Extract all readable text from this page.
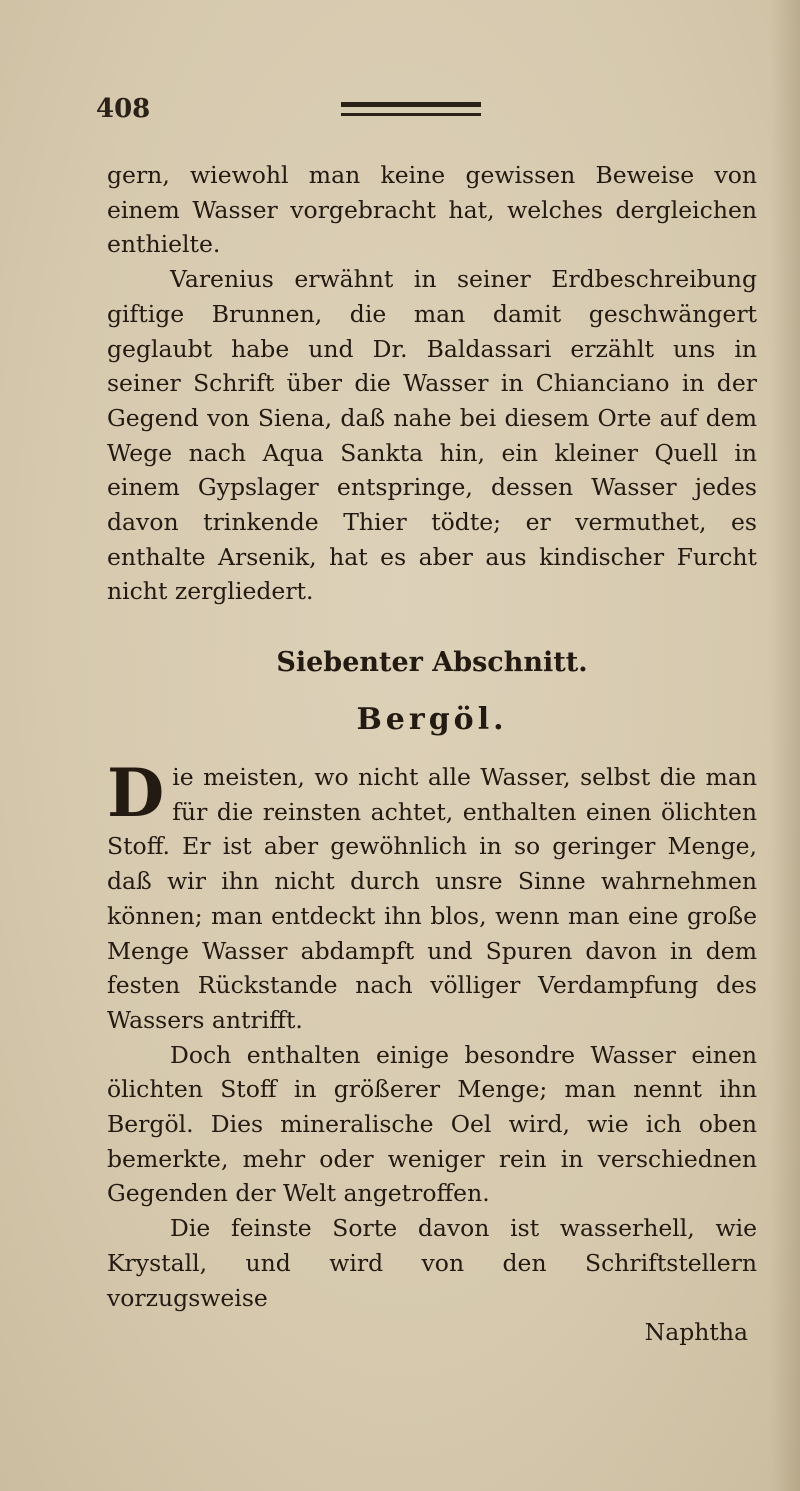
408

gern, wiewohl man keine gewissen Beweise von einem Wasser vorgebracht hat, welches dergleichen enthielte.

Varenius erwähnt in seiner Erdbeschreibung giftige Brunnen, die man damit geschwängert geglaubt habe und Dr. Baldassari erzählt uns in seiner Schrift über die Wasser in Chianciano in der Gegend von Siena, daß nahe bei diesem Orte auf dem Wege nach Aqua Sankta hin, ein kleiner Quell in einem Gypslager entspringe, dessen Wasser jedes davon trinkende Thier tödte; er vermuthet, es enthalte Arsenik, hat es aber aus kindischer Furcht nicht zergliedert.

Siebenter Abschnitt.
Bergöl.
D ie meisten, wo nicht alle Wasser, selbst die man für die reinsten achtet, enthalten einen ölichten Stoff. Er ist aber gewöhnlich in so geringer Menge, daß wir ihn nicht durch unsre Sinne wahrnehmen können; man entdeckt ihn blos, wenn man eine große Menge Wasser abdampft und Spuren davon in dem festen Rückstande nach völliger Verdampfung des Wassers antrifft.

Doch enthalten einige besondre Wasser einen ölichten Stoff in größerer Menge; man nennt ihn Bergöl. Dies mineralische Oel wird, wie ich oben bemerkte, mehr oder weniger rein in verschiednen Gegenden der Welt angetroffen.

Die feinste Sorte davon ist wasserhell, wie Krystall, und wird von den Schriftstellern vorzugsweise

Naphtha
